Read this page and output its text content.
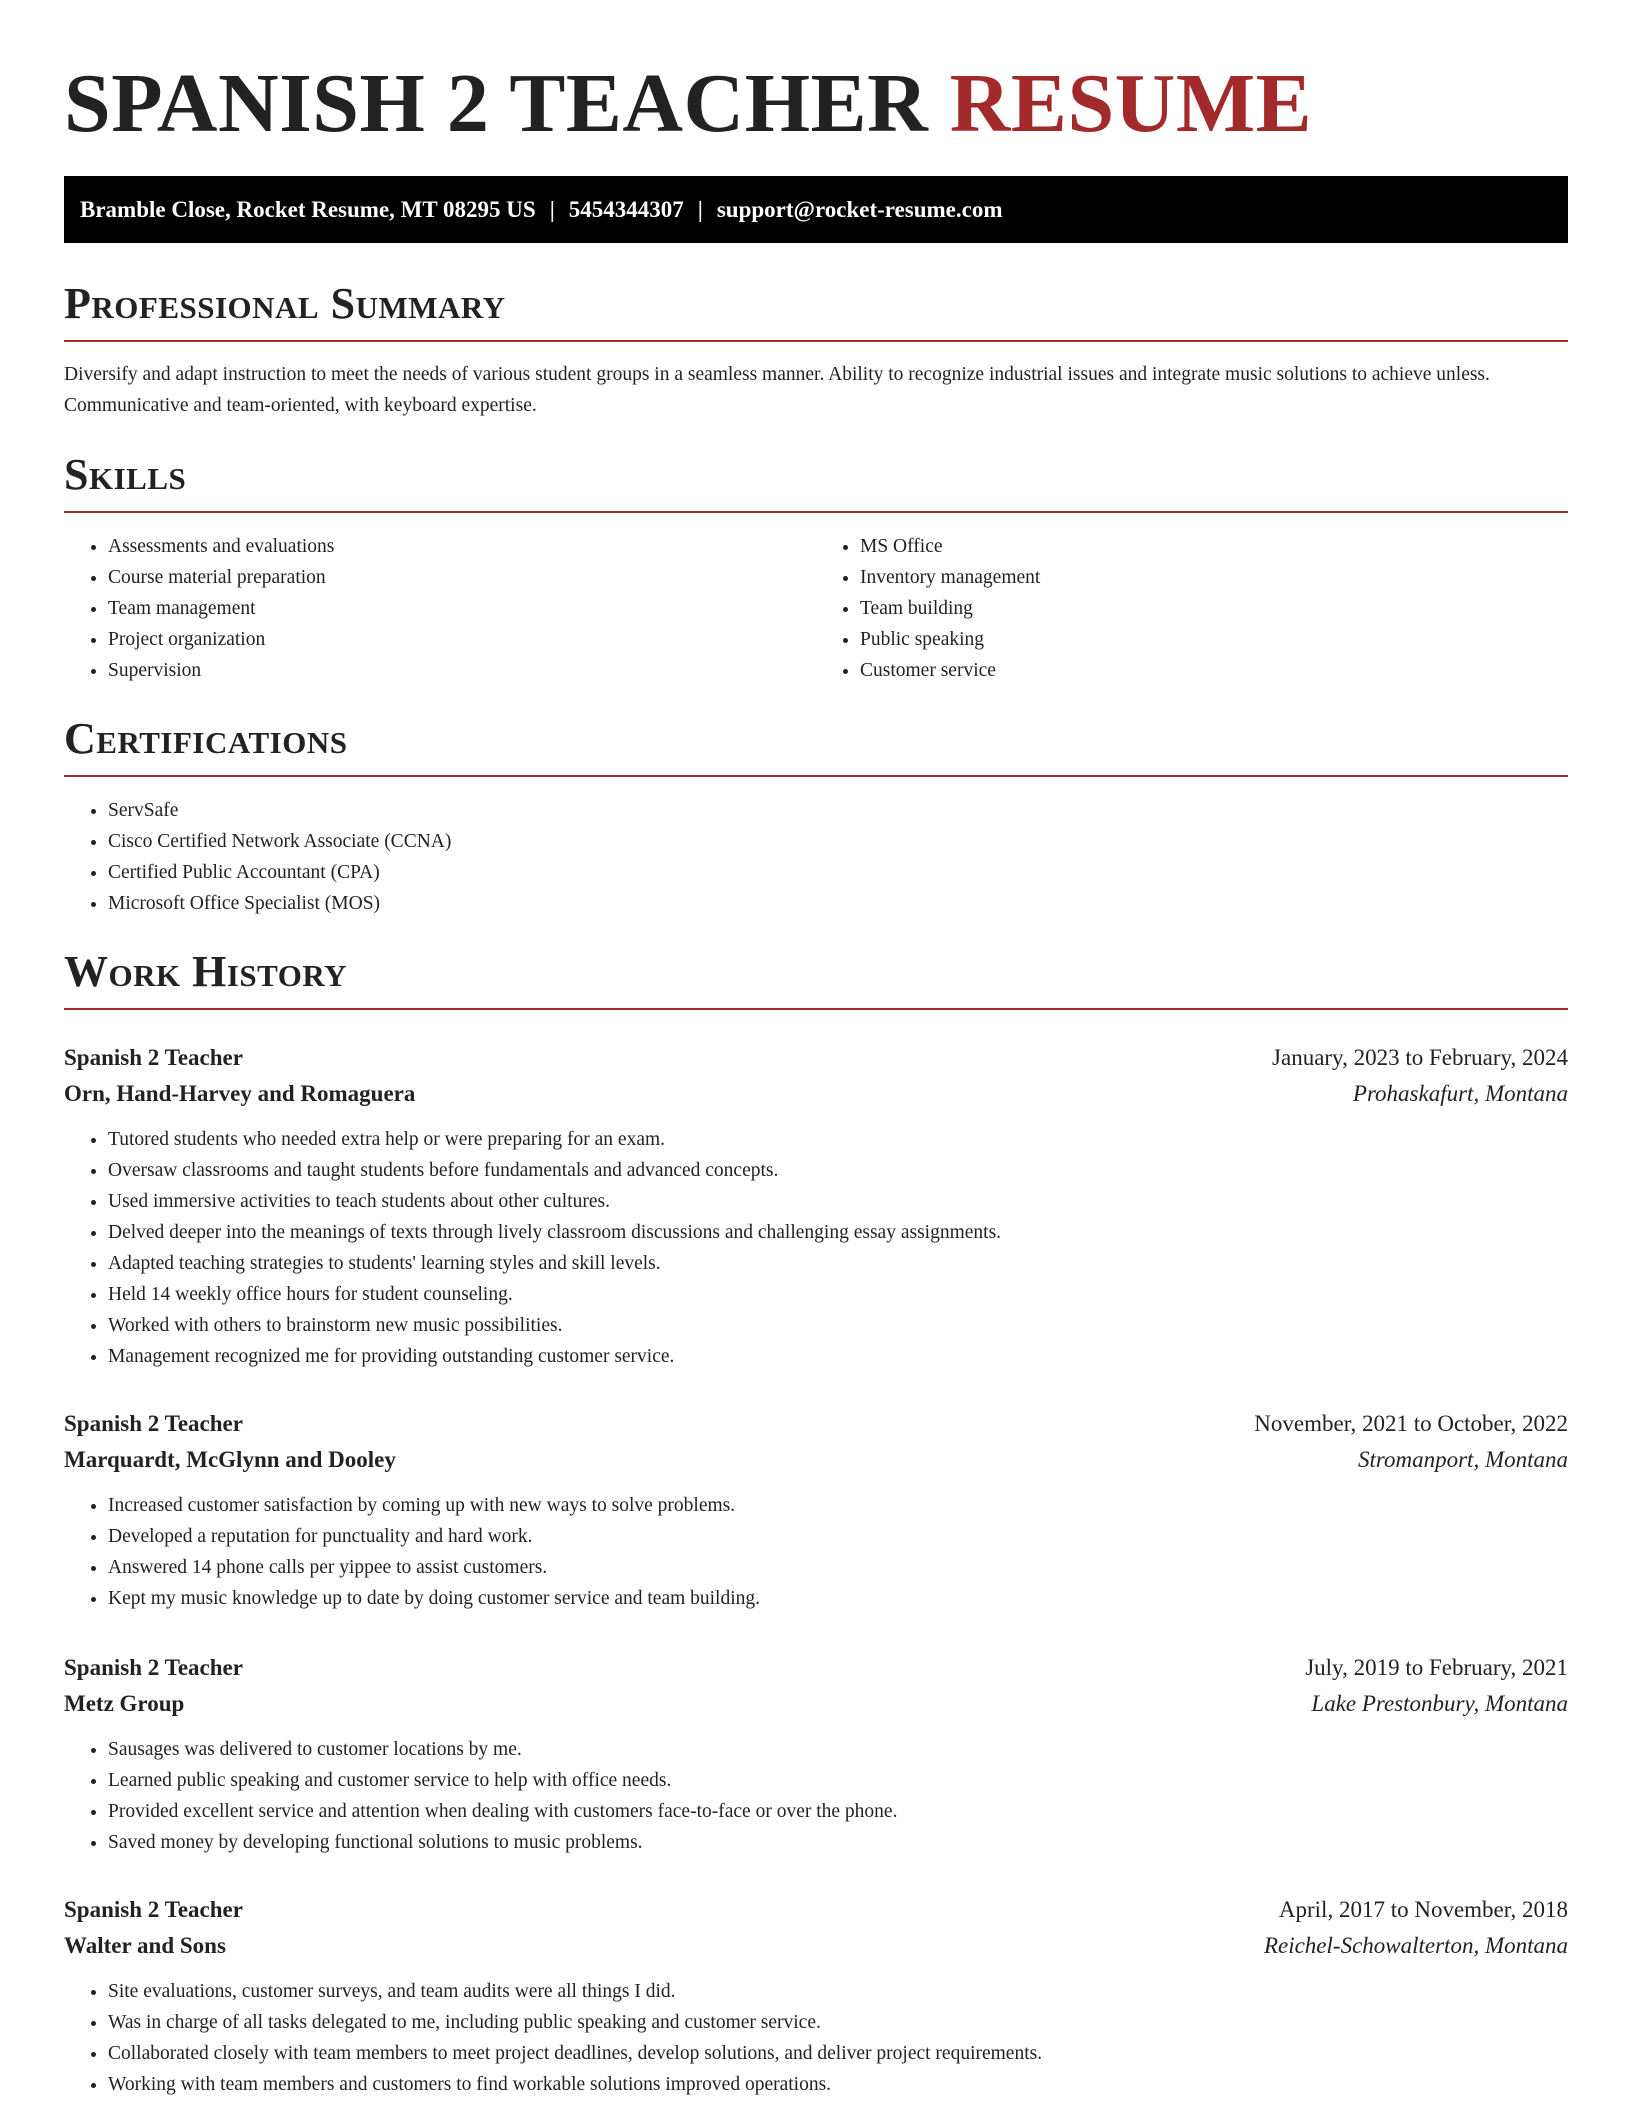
SPANISH 2 TEACHER RESUME
Bramble Close, Rocket Resume, MT 08295 US | 5454344307 | support@rocket-resume.com
Professional Summary

Diversify and adapt instruction to meet the needs of various student groups in a seamless manner. Ability to recognize industrial issues and integrate music solutions to achieve unless. Communicative and team-oriented, with keyboard expertise.

Skills
• Assessments and evaluations
• Course material preparation
• Team management
• Project organization
• Supervision
• MS Office
• Inventory management
• Team building
• Public speaking
• Customer service
Certifications
• ServSafe
• Cisco Certified Network Associate (CCNA)
• Certified Public Accountant (CPA)
• Microsoft Office Specialist (MOS)
Work History
Spanish 2 Teacher	January, 2023 to February, 2024
Orn, Hand-Harvey and Romaguera	Prohaskafurt, Montana
• Tutored students who needed extra help or were preparing for an exam.
• Oversaw classrooms and taught students before fundamentals and advanced concepts.
• Used immersive activities to teach students about other cultures.
• Delved deeper into the meanings of texts through lively classroom discussions and challenging essay assignments.
• Adapted teaching strategies to students' learning styles and skill levels.
• Held 14 weekly office hours for student counseling.
• Worked with others to brainstorm new music possibilities.
• Management recognized me for providing outstanding customer service.
Spanish 2 Teacher	November, 2021 to October, 2022
Marquardt, McGlynn and Dooley	Stromanport, Montana
• Increased customer satisfaction by coming up with new ways to solve problems.
• Developed a reputation for punctuality and hard work.
• Answered 14 phone calls per yippee to assist customers.
• Kept my music knowledge up to date by doing customer service and team building.
Spanish 2 Teacher	July, 2019 to February, 2021
Metz Group	Lake Prestonbury, Montana
• Sausages was delivered to customer locations by me.
• Learned public speaking and customer service to help with office needs.
• Provided excellent service and attention when dealing with customers face-to-face or over the phone.
• Saved money by developing functional solutions to music problems.
Spanish 2 Teacher	April, 2017 to November, 2018
Walter and Sons	Reichel-Schowalterton, Montana
• Site evaluations, customer surveys, and team audits were all things I did.
• Was in charge of all tasks delegated to me, including public speaking and customer service.
• Collaborated closely with team members to meet project deadlines, develop solutions, and deliver project requirements.
• Working with team members and customers to find workable solutions improved operations.
